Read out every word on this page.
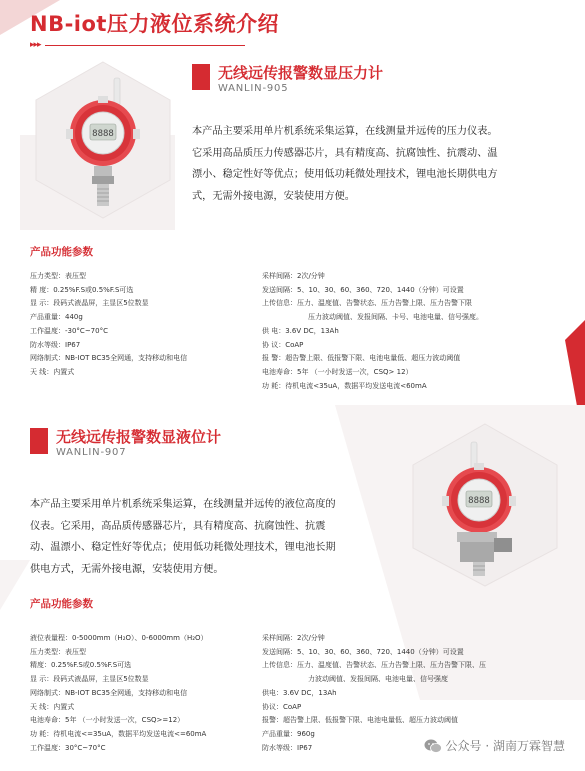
NB-iot压力液位系统介绍
▸▸▸
8888
无线远传报警数显压力计
WANLIN-905
本产品主要采用单片机系统采集运算，在线测量并远传的压力仪表。
它采用高品质压力传感器芯片，具有精度高、抗腐蚀性、抗震动、温
漂小、稳定性好等优点；使用低功耗微处理技术，锂电池长期供电方
式，无需外接电源，安装使用方便。
产品功能参数
压力类型：表压型
精 度：0.25%F.S或0.5%F.S可选
显 示：段码式液晶屏，主显区5位数显
产品重量：440g
工作温度：-30°C~70°C
防水等级：IP67
网络制式：NB-IOT BC35全网通，支持移动和电信
天 线：内置式
采样间隔：2次/分钟
发送间隔：5、10、30、60、360、720、1440（分钟）可设置
上传信息：压力、温度值、告警状态、压力告警上限、压力告警下限
压力波动阈值、发报间隔、卡号、电池电量、信号强度。
供 电：3.6V DC，13Ah
协 议：CoAP
报 警：超告警上限、低报警下限、电池电量低、超压力波动阈值
电池寿命：5年 （一小时发送一次，CSQ> 12）
功 耗：待机电流<35uA，数据平均发送电流<60mA
无线远传报警数显液位计
WANLIN-907
8888
本产品主要采用单片机系统采集运算，在线测量并远传的液位高度的
仪表。它采用，高品质传感器芯片，具有精度高、抗腐蚀性、抗震
动、温漂小、稳定性好等优点；使用低功耗微处理技术，锂电池长期
供电方式，无需外接电源，安装使用方便。
产品功能参数
液位表量程：0-5000mm（H₂O）、0-6000mm（H₂O）
压力类型：表压型
精度：0.25%F.S或0.5%F.S可选
显 示：段码式液晶屏，主显区5位数显
网络制式：NB-IOT BC35全网通，支持移动和电信
天 线：内置式
电池寿命：5年 （一小时发送一次，CSQ>=12）
功 耗：待机电流<=35uA，数据平均发送电流<=60mA
工作温度：30°C~70°C
采样间隔：2次/分钟
发送间隔：5、10、30、60、360、720、1440（分钟）可设置
上传信息：压力、温度值、告警状态、压力告警上限、压力告警下限、压
力波动阈值、发报间隔、电池电量、信号强度
供电：3.6V DC，13Ah
协议：CoAP
报警：超告警上限、低报警下限、电池电量低、超压力波动阈值
产品重量：960g
防水等级：IP67	公众号 · 湖南万霖智慧
